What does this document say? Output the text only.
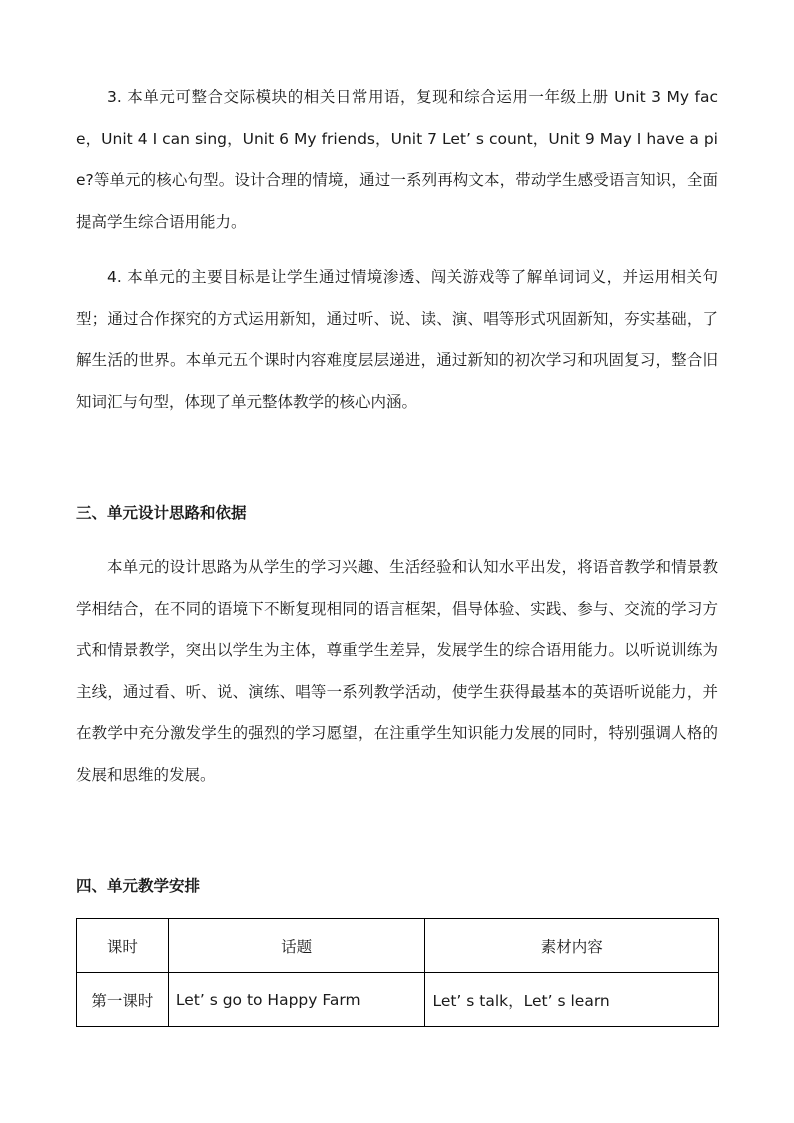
3. 本单元可整合交际模块的相关日常用语，复现和综合运用一年级上册 Unit 3 My face，Unit 4 I can sing，Unit 6 My friends，Unit 7 Let’ s count，Unit 9 May I have a pie?等单元的核心句型。设计合理的情境，通过一系列再构文本，带动学生感受语言知识，全面提高学生综合语用能力。

4. 本单元的主要目标是让学生通过情境渗透、闯关游戏等了解单词词义，并运用相关句型；通过合作探究的方式运用新知，通过听、说、读、演、唱等形式巩固新知，夯实基础，了解生活的世界。本单元五个课时内容难度层层递进，通过新知的初次学习和巩固复习，整合旧知词汇与句型，体现了单元整体教学的核心内涵。

三、单元设计思路和依据

本单元的设计思路为从学生的学习兴趣、生活经验和认知水平出发，将语音教学和情景教学相结合，在不同的语境下不断复现相同的语言框架，倡导体验、实践、参与、交流的学习方式和情景教学，突出以学生为主体，尊重学生差异，发展学生的综合语用能力。以听说训练为主线，通过看、听、说、演练、唱等一系列教学活动，使学生获得最基本的英语听说能力，并在教学中充分激发学生的强烈的学习愿望，在注重学生知识能力发展的同时，特别强调人格的发展和思维的发展。

四、单元教学安排
课时	话题	素材内容
第一课时	Let’ s go to Happy Farm	Let’ s talk，Let’ s learn
